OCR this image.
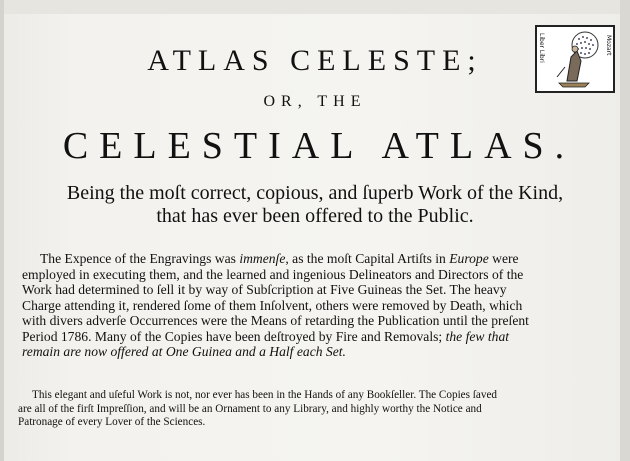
ATLAS CELESTE;

OR, THE

CELESTIAL ATLAS.

Being the moſt correct, copious, and ſuperb Work of the Kind,

that has ever been offered to the Public.

The Expence of the Engravings was immenſe, as the moſt Capital Artiſts in Europe were
employed in executing them, and the learned and ingenious Delineators and Directors of the
Work had determined to ſell it by way of Subſcription at Five Guineas the Set. The heavy
Charge attending it, rendered ſome of them Inſolvent, others were removed by Death, which
with divers adverſe Occurrences were the Means of retarding the Publication until the preſent
Period 1786. Many of the Copies have been deſtroyed by Fire and Removals; the few that
remain are now offered at One Guinea and a Half each Set.
This elegant and uſeful Work is not, nor ever has been in the Hands of any Bookſeller. The Copies ſaved
are all of the firſt Impreſſion, and will be an Ornament to any Library, and highly worthy the Notice and
Patronage of every Lover of the Sciences.
Liber Libri	Mozart
